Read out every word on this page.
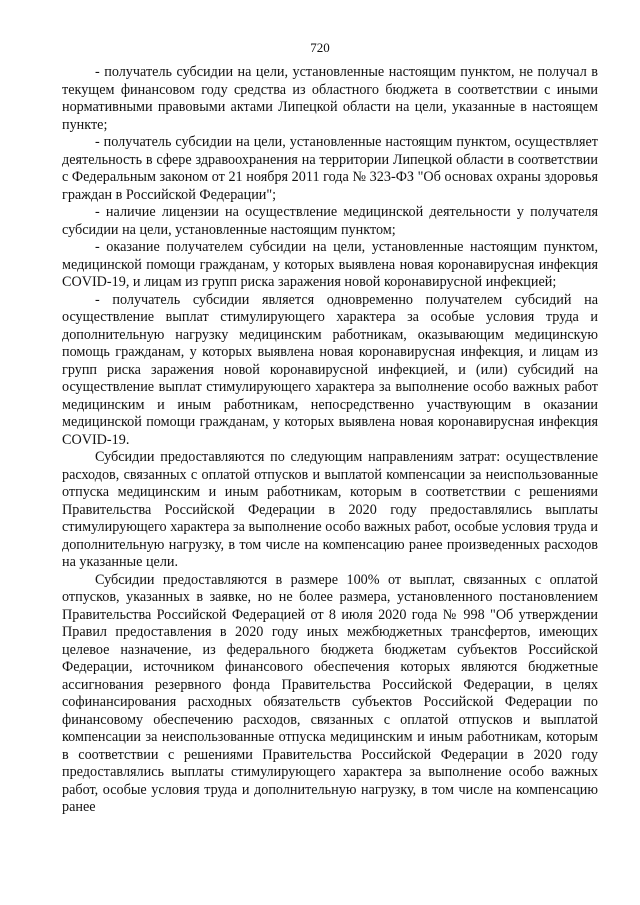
720

- получатель субсидии на цели, установленные настоящим пунктом, не получал в текущем финансовом году средства из областного бюджета в соответствии с иными нормативными правовыми актами Липецкой области на цели, указанные в настоящем пункте;

- получатель субсидии на цели, установленные настоящим пунктом, осуществляет деятельность в сфере здравоохранения на территории Липецкой области в соответствии с Федеральным законом от 21 ноября 2011 года № 323-ФЗ "Об основах охраны здоровья граждан в Российской Федерации";

- наличие лицензии на осуществление медицинской деятельности у получателя субсидии на цели, установленные настоящим пунктом;

- оказание получателем субсидии на цели, установленные настоящим пунктом, медицинской помощи гражданам, у которых выявлена новая коронавирусная инфекция COVID-19, и лицам из групп риска заражения новой коронавирусной инфекцией;

- получатель субсидии является одновременно получателем субсидий на осуществление выплат стимулирующего характера за особые условия труда и дополнительную нагрузку медицинским работникам, оказывающим медицинскую помощь гражданам, у которых выявлена новая коронавирусная инфекция, и лицам из групп риска заражения новой коронавирусной инфекцией, и (или) субсидий на осуществление выплат стимулирующего характера за выполнение особо важных работ медицинским и иным работникам, непосредственно участвующим в оказании медицинской помощи гражданам, у которых выявлена новая коронавирусная инфекция COVID-19.

Субсидии предоставляются по следующим направлениям затрат: осуществление расходов, связанных с оплатой отпусков и выплатой компенсации за неиспользованные отпуска медицинским и иным работникам, которым в соответствии с решениями Правительства Российской Федерации в 2020 году предоставлялись выплаты стимулирующего характера за выполнение особо важных работ, особые условия труда и дополнительную нагрузку, в том числе на компенсацию ранее произведенных расходов на указанные цели.

Субсидии предоставляются в размере 100% от выплат, связанных с оплатой отпусков, указанных в заявке, но не более размера, установленного постановлением Правительства Российской Федерацией от 8 июля 2020 года № 998 "Об утверждении Правил предоставления в 2020 году иных межбюджетных трансфертов, имеющих целевое назначение, из федерального бюджета бюджетам субъектов Российской Федерации, источником финансового обеспечения которых являются бюджетные ассигнования резервного фонда Правительства Российской Федерации, в целях софинансирования расходных обязательств субъектов Российской Федерации по финансовому обеспечению расходов, связанных с оплатой отпусков и выплатой компенсации за неиспользованные отпуска медицинским и иным работникам, которым в соответствии с решениями Правительства Российской Федерации в 2020 году предоставлялись выплаты стимулирующего характера за выполнение особо важных работ, особые условия труда и дополнительную нагрузку, в том числе на компенсацию ранее
